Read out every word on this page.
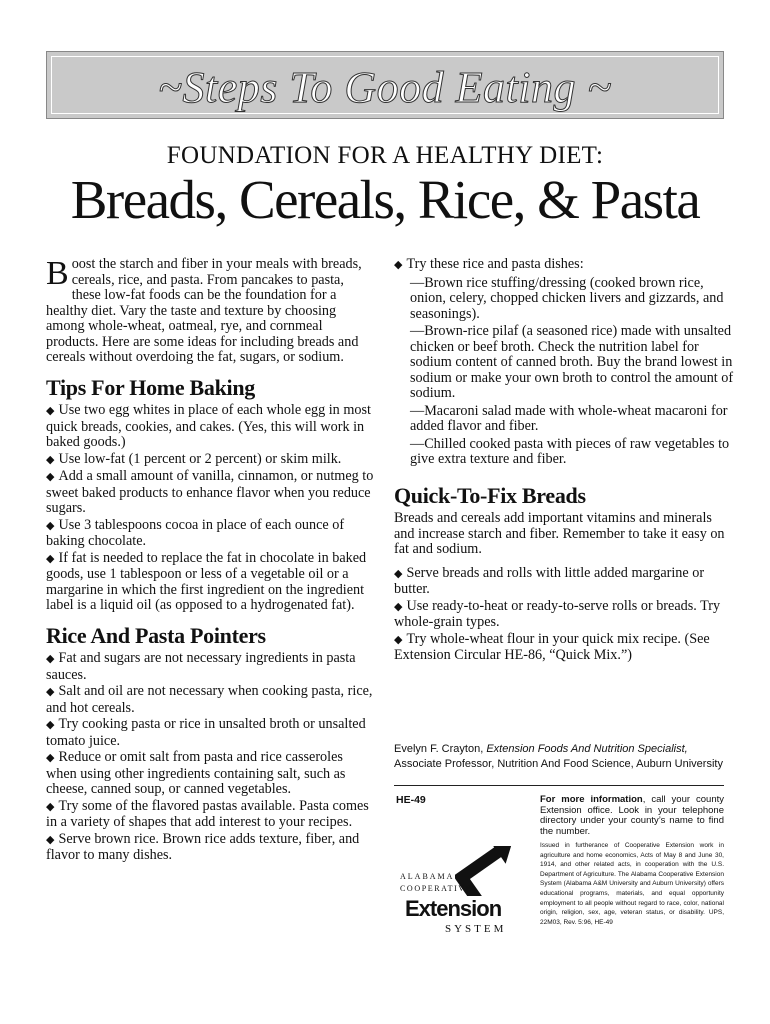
~Steps To Good Eating ~
FOUNDATION FOR A HEALTHY DIET:
Breads, Cereals, Rice, & Pasta

Boost the starch and fiber in your meals with breads, cereals, rice, and pasta. From pancakes to pasta, these low-fat foods can be the foundation for a healthy diet. Vary the taste and texture by choosing among whole-wheat, oatmeal, rye, and cornmeal products. Here are some ideas for including breads and cereals without overdoing the fat, sugars, or sodium.

Tips For Home Baking

◆ Use two egg whites in place of each whole egg in most quick breads, cookies, and cakes. (Yes, this will work in baked goods.)

◆ Use low-fat (1 percent or 2 percent) or skim milk.

◆ Add a small amount of vanilla, cinnamon, or nutmeg to sweet baked products to enhance flavor when you reduce sugars.

◆ Use 3 tablespoons cocoa in place of each ounce of baking chocolate.

◆ If fat is needed to replace the fat in chocolate in baked goods, use 1 tablespoon or less of a vegetable oil or a margarine in which the first ingredient on the ingredient label is a liquid oil (as opposed to a hydrogenated fat).

Rice And Pasta Pointers

◆ Fat and sugars are not necessary ingredients in pasta sauces.

◆ Salt and oil are not necessary when cooking pasta, rice, and hot cereals.

◆ Try cooking pasta or rice in unsalted broth or unsalted tomato juice.

◆ Reduce or omit salt from pasta and rice casseroles when using other ingredients containing salt, such as cheese, canned soup, or canned vegetables.

◆ Try some of the flavored pastas available. Pasta comes in a variety of shapes that add interest to your recipes.

◆ Serve brown rice. Brown rice adds texture, fiber, and flavor to many dishes.

◆ Try these rice and pasta dishes:

—Brown rice stuffing/dressing (cooked brown rice, onion, celery, chopped chicken livers and gizzards, and seasonings).

—Brown-rice pilaf (a seasoned rice) made with unsalted chicken or beef broth. Check the nutrition label for sodium content of canned broth. Buy the brand lowest in sodium or make your own broth to control the amount of sodium.

—Macaroni salad made with whole-wheat macaroni for added flavor and fiber.

—Chilled cooked pasta with pieces of raw vegetables to give extra texture and fiber.

Quick-To-Fix Breads

Breads and cereals add important vitamins and minerals and increase starch and fiber. Remember to take it easy on fat and sodium.

◆ Serve breads and rolls with little added margarine or butter.

◆ Use ready-to-heat or ready-to-serve rolls or breads. Try whole-grain types.

◆ Try whole-wheat flour in your quick mix recipe. (See Extension Circular HE-86, “Quick Mix.”)

Evelyn F. Crayton, Extension Foods And Nutrition Specialist,
Associate Professor, Nutrition And Food Science, Auburn University
HE-49	For more information, call your county Extension office. Look in your telephone directory under your county’s name to find the number.
Issued in furtherance of Cooperative Extension work in agriculture and home economics, Acts of May 8 and June 30, 1914, and other related acts, in cooperation with the U.S. Department of Agriculture. The Alabama Cooperative Extension System (Alabama A&M University and Auburn University) offers educational programs, materials, and equal opportunity employment to all people without regard to race, color, national origin, religion, sex, age, veteran status, or disability. UPS, 22M03, Rev. 5:96, HE-49
ALABAMA
COOPERATIVE
Extension
SYSTEM
